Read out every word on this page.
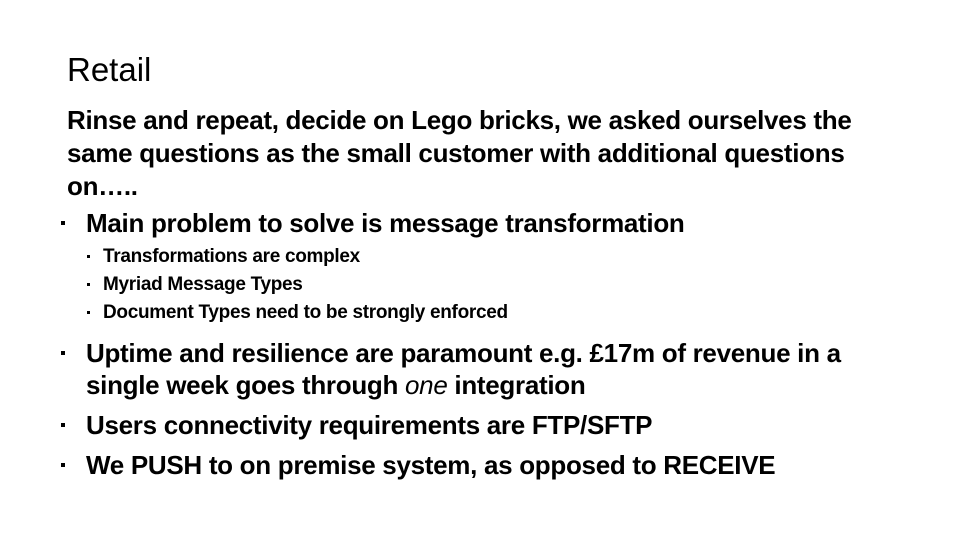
Retail

Rinse and repeat, decide on Lego bricks, we asked ourselves the same questions as the small customer with additional questions on…..

Main problem to solve is message transformation
Transformations are complex
Myriad Message Types
Document Types need to be strongly enforced
Uptime and resilience are paramount e.g. £17m of revenue in a single week goes through one integration
Users connectivity requirements are FTP/SFTP
We PUSH to on premise system, as opposed to RECEIVE
